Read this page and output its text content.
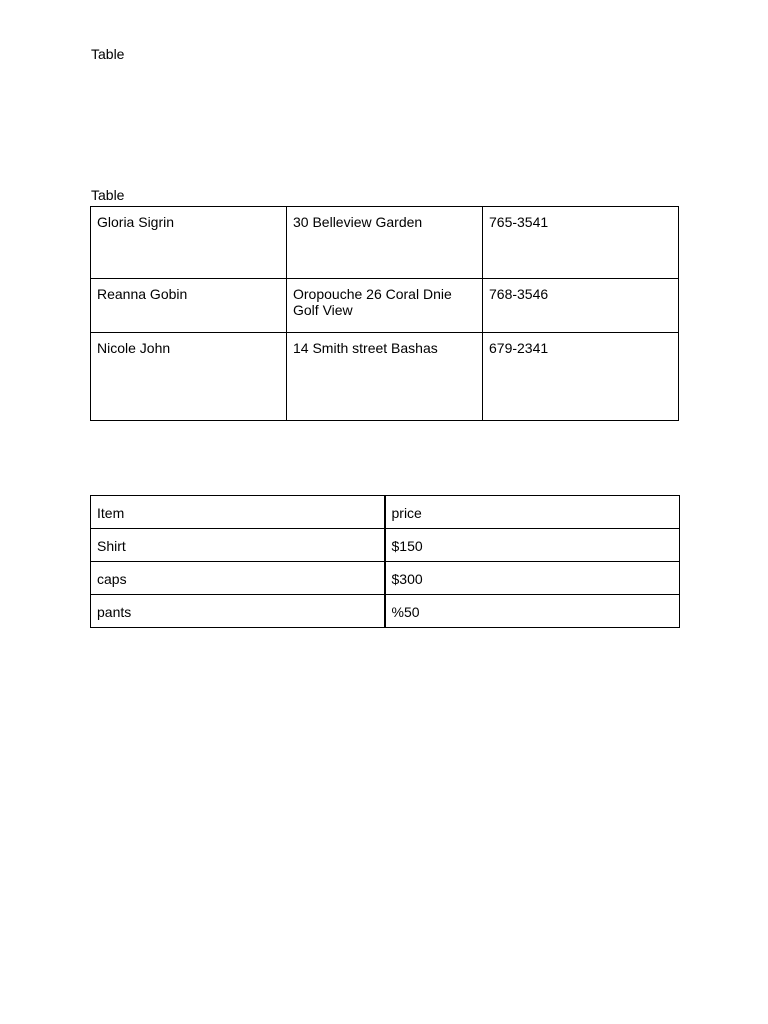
Table
Table
Gloria Sigrin	30 Belleview Garden	765-3541
Reanna Gobin	Oropouche 26 Coral Dnie Golf View	768-3546
Nicole John	14 Smith street Bashas	679-2341
Item	price
Shirt	$150
caps	$300
pants	%50
